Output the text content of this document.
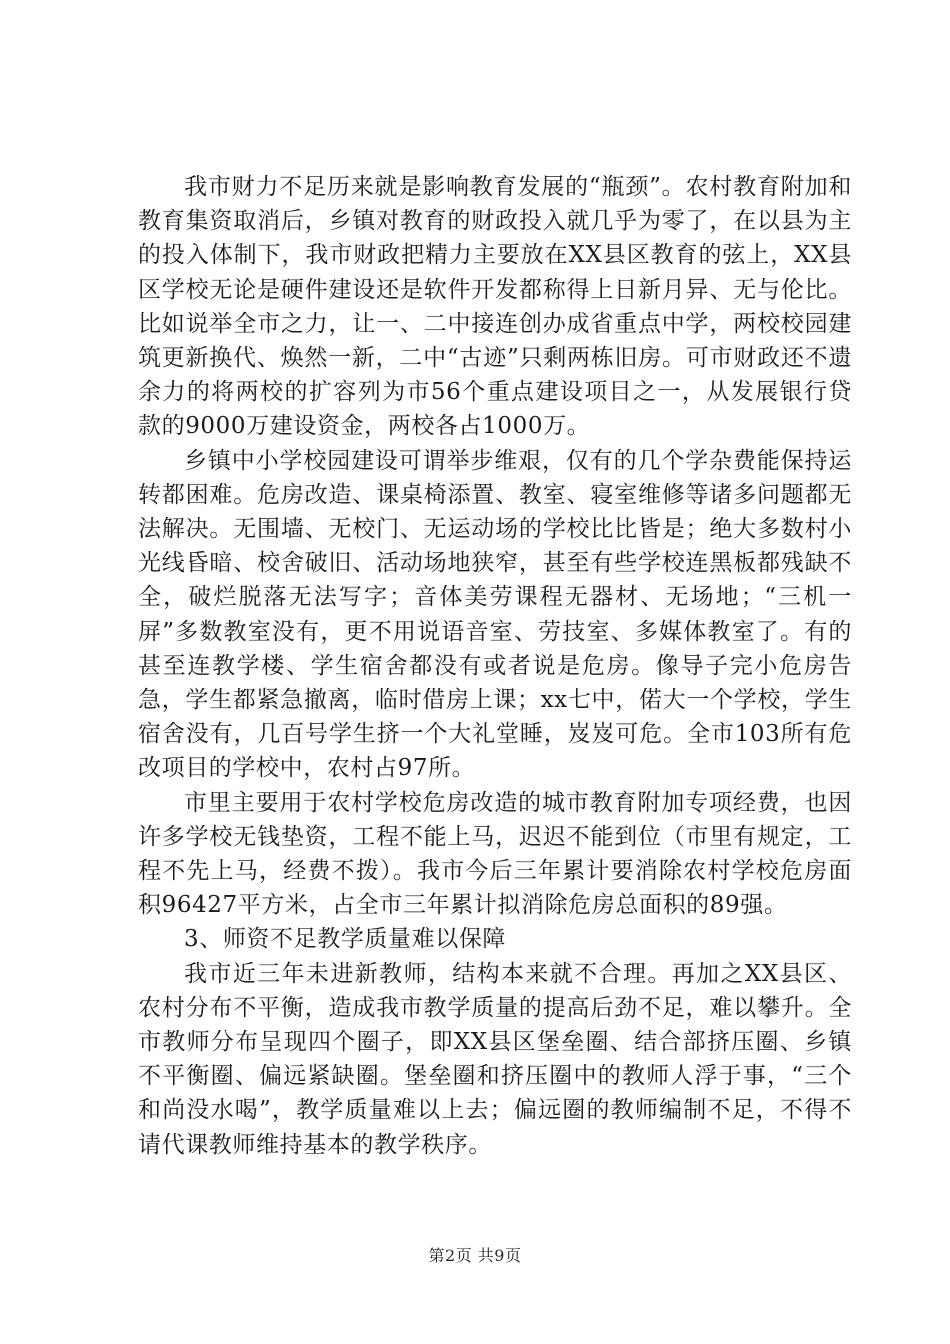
我市财力不足历来就是影响教育发展的“瓶颈”。农村教育附加和教育集资取消后，乡镇对教育的财政投入就几乎为零了，在以县为主的投入体制下，我市财政把精力主要放在XX县区教育的弦上，XX县区学校无论是硬件建设还是软件开发都称得上日新月异、无与伦比。比如说举全市之力，让一、二中接连创办成省重点中学，两校校园建筑更新换代、焕然一新，二中“古迹”只剩两栋旧房。可市财政还不遗余力的将两校的扩容列为市56个重点建设项目之一，从发展银行贷款的9000万建设资金，两校各占1000万。

乡镇中小学校园建设可谓举步维艰，仅有的几个学杂费能保持运转都困难。危房改造、课桌椅添置、教室、寝室维修等诸多问题都无法解决。无围墙、无校门、无运动场的学校比比皆是；绝大多数村小光线昏暗、校舍破旧、活动场地狭窄，甚至有些学校连黑板都残缺不全，破烂脱落无法写字；音体美劳课程无器材、无场地；“三机一屏”多数教室没有，更不用说语音室、劳技室、多媒体教室了。有的甚至连教学楼、学生宿舍都没有或者说是危房。像导子完小危房告急，学生都紧急撤离，临时借房上课；xx七中，偌大一个学校，学生宿舍没有，几百号学生挤一个大礼堂睡，岌岌可危。全市103所有危改项目的学校中，农村占97所。

市里主要用于农村学校危房改造的城市教育附加专项经费，也因许多学校无钱垫资，工程不能上马，迟迟不能到位（市里有规定，工程不先上马，经费不拨）。我市今后三年累计要消除农村学校危房面积96427平方米，占全市三年累计拟消除危房总面积的89强。

3、师资不足教学质量难以保障

我市近三年未进新教师，结构本来就不合理。再加之XX县区、农村分布不平衡，造成我市教学质量的提高后劲不足，难以攀升。全市教师分布呈现四个圈子，即XX县区堡垒圈、结合部挤压圈、乡镇不平衡圈、偏远紧缺圈。堡垒圈和挤压圈中的教师人浮于事，“三个和尚没水喝”，教学质量难以上去；偏远圈的教师编制不足，不得不请代课教师维持基本的教学秩序。

第2页 共9页
